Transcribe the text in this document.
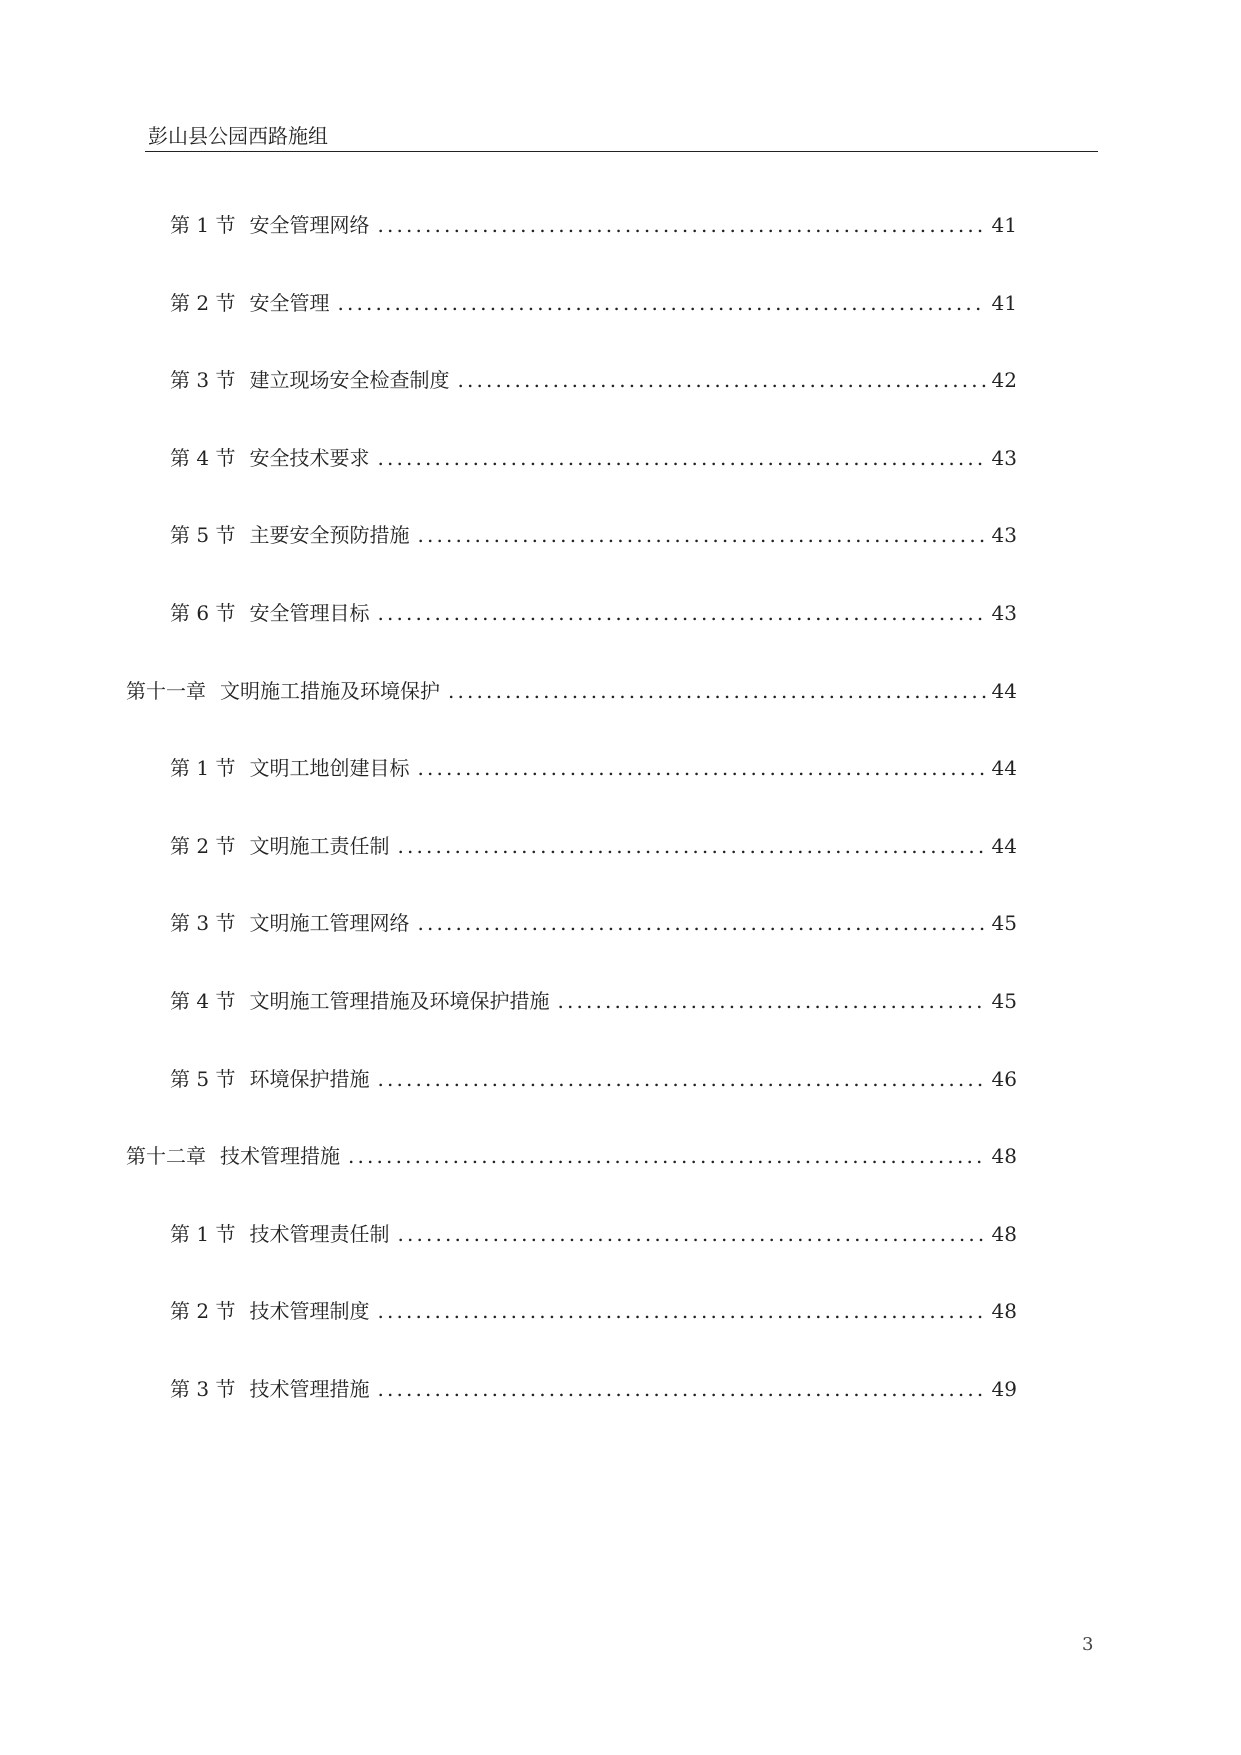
彭山县公园西路施组
第 1 节 安全管理网络 . . .	41
第 2 节 安全管理 . . .	41
第 3 节 建立现场安全检查制度 . . .	42
第 4 节 安全技术要求 . . .	43
第 5 节 主要安全预防措施 . . .	43
第 6 节 安全管理目标 . . .	43
第十一章 文明施工措施及环境保护 . . .	44
第 1 节 文明工地创建目标 . . .	44
第 2 节 文明施工责任制 . . .	44
第 3 节 文明施工管理网络 . . .	45
第 4 节 文明施工管理措施及环境保护措施 . . .	45
第 5 节 环境保护措施 . . .	46
第十二章 技术管理措施 . . .	48
第 1 节 技术管理责任制 . . .	48
第 2 节 技术管理制度 . . .	48
第 3 节 技术管理措施 . . .	49
3
